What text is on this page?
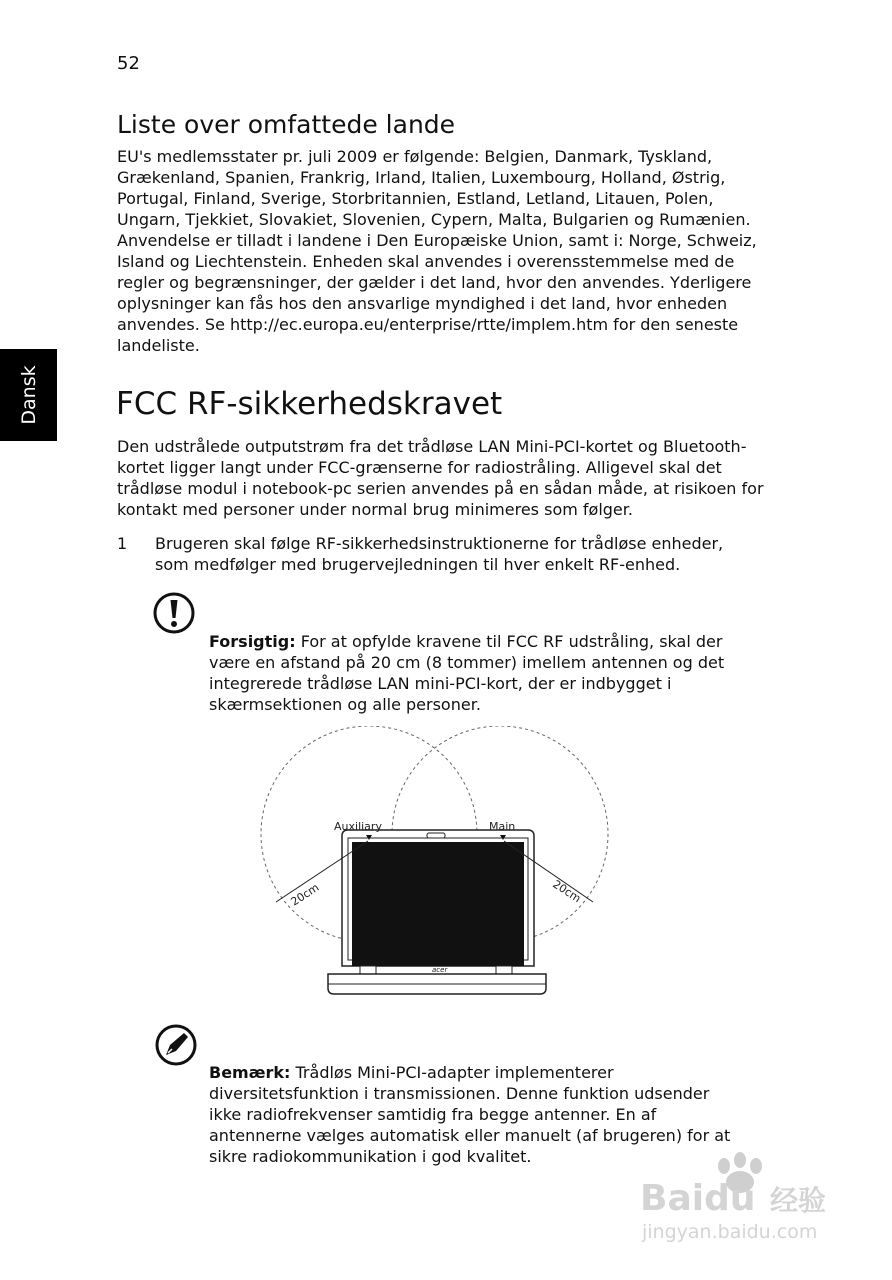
52
Dansk
Liste over omfattede lande
EU's medlemsstater pr. juli 2009 er følgende: Belgien, Danmark, Tyskland,
Grækenland, Spanien, Frankrig, Irland, Italien, Luxembourg, Holland, Østrig,
Portugal, Finland, Sverige, Storbritannien, Estland, Letland, Litauen, Polen,
Ungarn, Tjekkiet, Slovakiet, Slovenien, Cypern, Malta, Bulgarien og Rumænien.
Anvendelse er tilladt i landene i Den Europæiske Union, samt i: Norge, Schweiz,
Island og Liechtenstein. Enheden skal anvendes i overensstemmelse med de
regler og begrænsninger, der gælder i det land, hvor den anvendes. Yderligere
oplysninger kan fås hos den ansvarlige myndighed i det land, hvor enheden
anvendes. Se http://ec.europa.eu/enterprise/rtte/implem.htm for den seneste
landeliste.
FCC RF-sikkerhedskravet
Den udstrålede outputstrøm fra det trådløse LAN Mini-PCI-kortet og Bluetooth-
kortet ligger langt under FCC-grænserne for radiostråling. Alligevel skal det
trådløse modul i notebook-pc serien anvendes på en sådan måde, at risikoen for
kontakt med personer under normal brug minimeres som følger.
1 Brugeren skal følge RF-sikkerhedsinstruktionerne for trådløse enheder,
som medfølger med brugervejledningen til hver enkelt RF-enhed.
Forsigtig: For at opfylde kravene til FCC RF udstråling, skal der
være en afstand på 20 cm (8 tommer) imellem antennen og det
integrerede trådløse LAN mini-PCI-kort, der er indbygget i
skærmsektionen og alle personer.
acer
Auxiliary	Main
20cm	20cm
Bemærk: Trådløs Mini-PCI-adapter implementerer
diversitetsfunktion i transmissionen. Denne funktion udsender
ikke radiofrekvenser samtidig fra begge antenner. En af
antennerne vælges automatisk eller manuelt (af brugeren) for at
sikre radiokommunikation i god kvalitet.
Baidu 经验
jingyan.baidu.com
